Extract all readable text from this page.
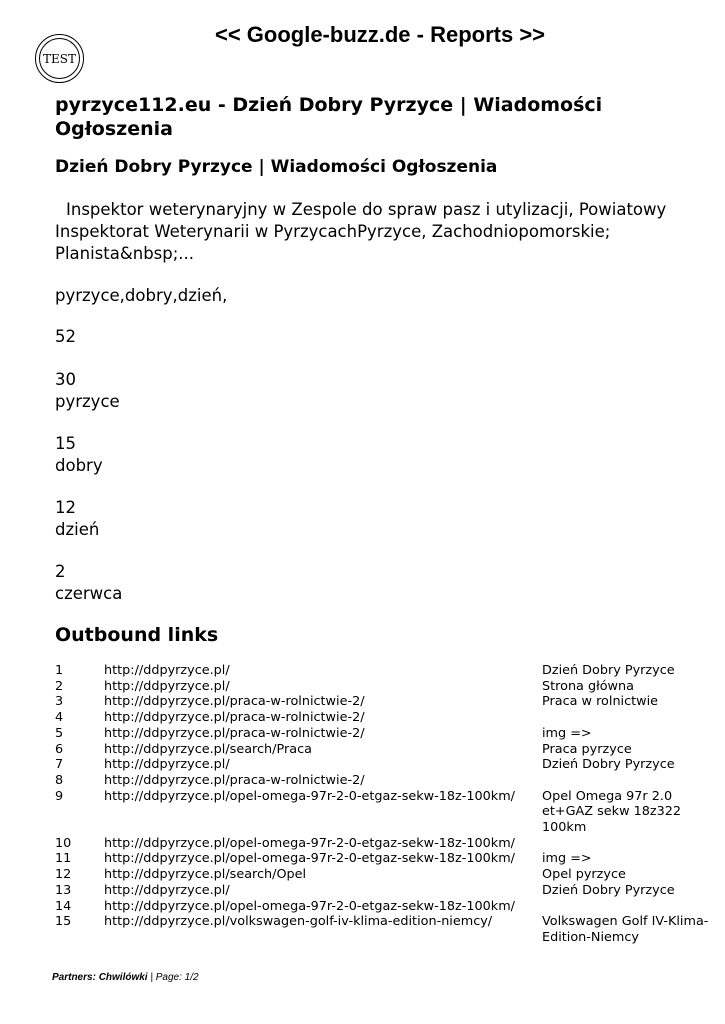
TEST
<< Google-buzz.de - Reports >>
pyrzyce112.eu - Dzień Dobry Pyrzyce | Wiadomości Ogłoszenia
Dzień Dobry Pyrzyce | Wiadomości Ogłoszenia
Inspektor weterynaryjny w Zespole do spraw pasz i utylizacji, Powiatowy Inspektorat Weterynarii w PyrzycachPyrzyce, Zachodniopomorskie; Planista&nbsp;...
pyrzyce,dobry,dzień,
52
30
pyrzyce
15
dobry
12
dzień
2
czerwca
Outbound links
1	http://ddpyrzyce.pl/	Dzień Dobry Pyrzyce
2	http://ddpyrzyce.pl/	Strona główna
3	http://ddpyrzyce.pl/praca-w-rolnictwie-2/	Praca w rolnictwie
4	http://ddpyrzyce.pl/praca-w-rolnictwie-2/
5	http://ddpyrzyce.pl/praca-w-rolnictwie-2/	img =>
6	http://ddpyrzyce.pl/search/Praca	Praca pyrzyce
7	http://ddpyrzyce.pl/	Dzień Dobry Pyrzyce
8	http://ddpyrzyce.pl/praca-w-rolnictwie-2/
9	http://ddpyrzyce.pl/opel-omega-97r-2-0-etgaz-sekw-18z-100km/	Opel Omega 97r 2.0 et+GAZ sekw 18z322 100km
10	http://ddpyrzyce.pl/opel-omega-97r-2-0-etgaz-sekw-18z-100km/
11	http://ddpyrzyce.pl/opel-omega-97r-2-0-etgaz-sekw-18z-100km/	img =>
12	http://ddpyrzyce.pl/search/Opel	Opel pyrzyce
13	http://ddpyrzyce.pl/	Dzień Dobry Pyrzyce
14	http://ddpyrzyce.pl/opel-omega-97r-2-0-etgaz-sekw-18z-100km/
15	http://ddpyrzyce.pl/volkswagen-golf-iv-klima-edition-niemcy/	Volkswagen Golf IV-Klima-Edition-Niemcy
Partners: Chwilówki | Page: 1/2
